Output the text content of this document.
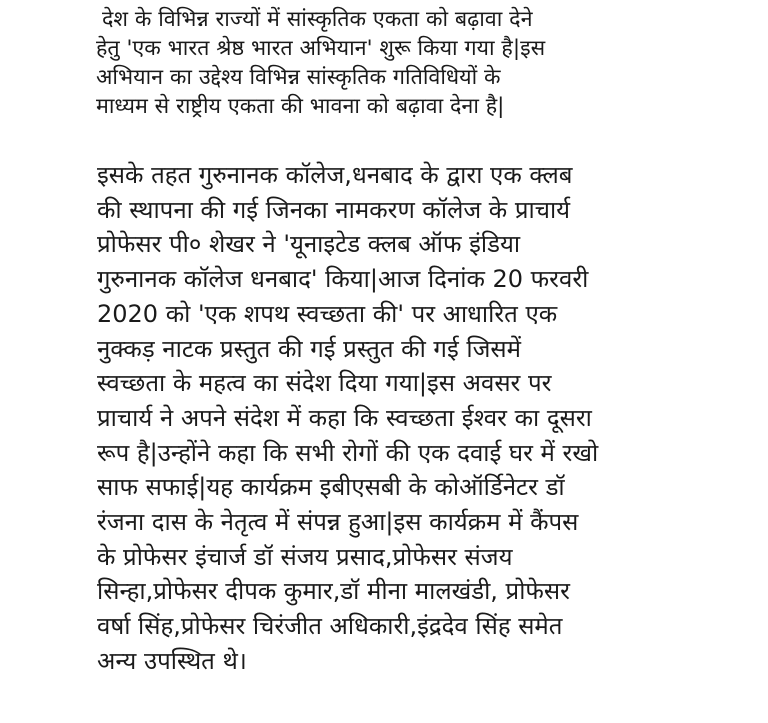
देश के विभिन्न राज्यों में सांस्कृतिक एकता को बढ़ावा देने
हेतु 'एक भारत श्रेष्ठ भारत अभियान' शुरू किया गया है|इस
अभियान का उद्देश्य विभिन्न सांस्कृतिक गतिविधियों के
माध्यम से राष्ट्रीय एकता की भावना को बढ़ावा देना है|

इसके तहत गुरुनानक कॉलेज,धनबाद के द्वारा एक क्लब
की स्थापना की गई जिनका नामकरण कॉलेज के प्राचार्य
प्रोफेसर पी० शेखर ने 'यूनाइटेड क्लब ऑफ इंडिया
गुरुनानक कॉलेज धनबाद' किया|आज दिनांक 20 फरवरी
2020 को 'एक शपथ स्वच्छता की' पर आधारित एक
नुक्कड़ नाटक प्रस्तुत की गई प्रस्तुत की गई जिसमें
स्वच्छता के महत्व का संदेश दिया गया|इस अवसर पर
प्राचार्य ने अपने संदेश में कहा कि स्वच्छता ईश्वर का दूसरा
रूप है|उन्होंने कहा कि सभी रोगों की एक दवाई घर में रखो
साफ सफाई|यह कार्यक्रम इबीएसबी के कोऑर्डिनेटर डॉ
रंजना दास के नेतृत्व में संपन्न हुआ|इस कार्यक्रम में कैंपस
के प्रोफेसर इंचार्ज डॉ संजय प्रसाद,प्रोफेसर संजय
सिन्हा,प्रोफेसर दीपक कुमार,डॉ मीना मालखंडी, प्रोफेसर
वर्षा सिंह,प्रोफेसर चिरंजीत अधिकारी,इंद्रदेव सिंह समेत
अन्य उपस्थित थे।
